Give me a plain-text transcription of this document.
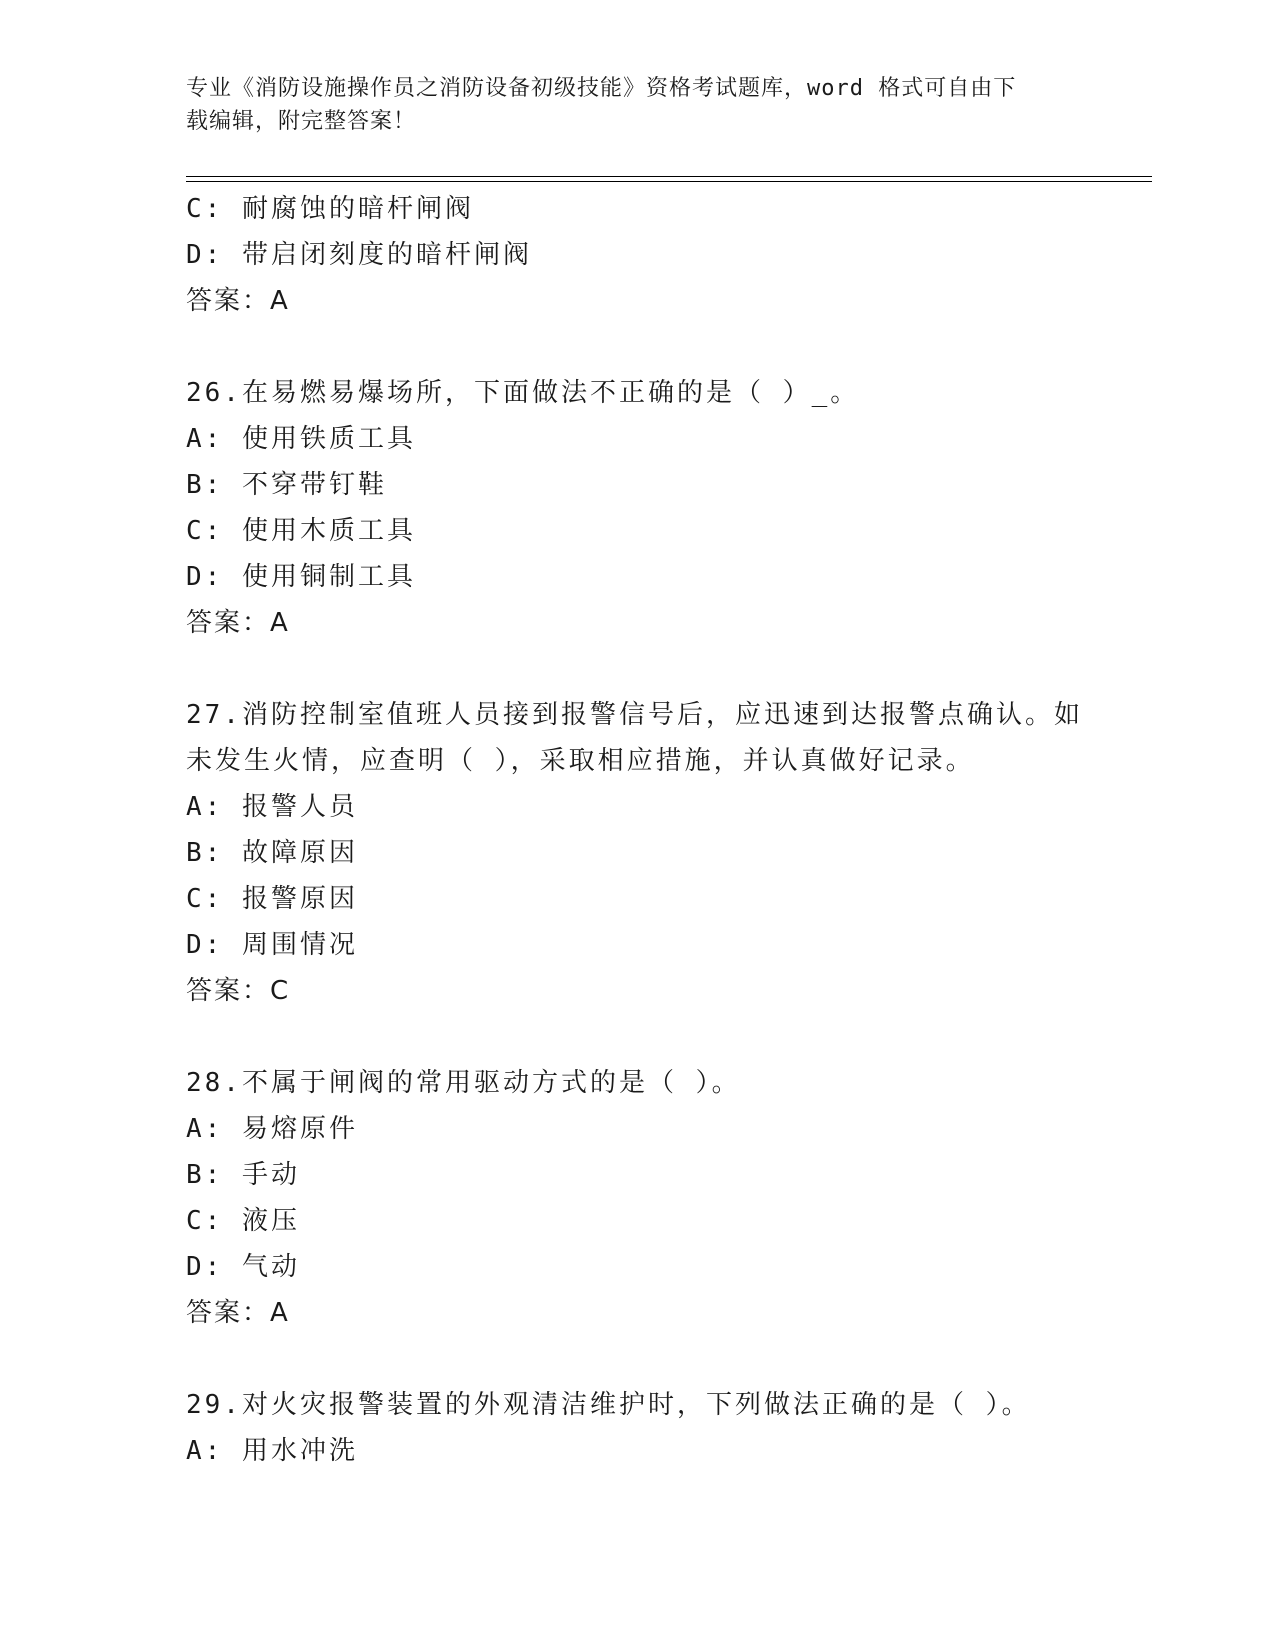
专业《消防设施操作员之消防设备初级技能》资格考试题库，word 格式可自由下
载编辑，附完整答案！
C: 耐腐蚀的暗杆闸阀
D: 带启闭刻度的暗杆闸阀
答案：A
26.在易燃易爆场所，下面做法不正确的是（ ）_。
A: 使用铁质工具
B: 不穿带钉鞋
C: 使用木质工具
D: 使用铜制工具
答案：A
27.消防控制室值班人员接到报警信号后，应迅速到达报警点确认。如
未发生火情，应查明（ ），采取相应措施，并认真做好记录。
A: 报警人员
B: 故障原因
C: 报警原因
D: 周围情况
答案：C
28.不属于闸阀的常用驱动方式的是（ ）。
A: 易熔原件
B: 手动
C: 液压
D: 气动
答案：A
29.对火灾报警装置的外观清洁维护时，下列做法正确的是（ ）。
A: 用水冲洗
